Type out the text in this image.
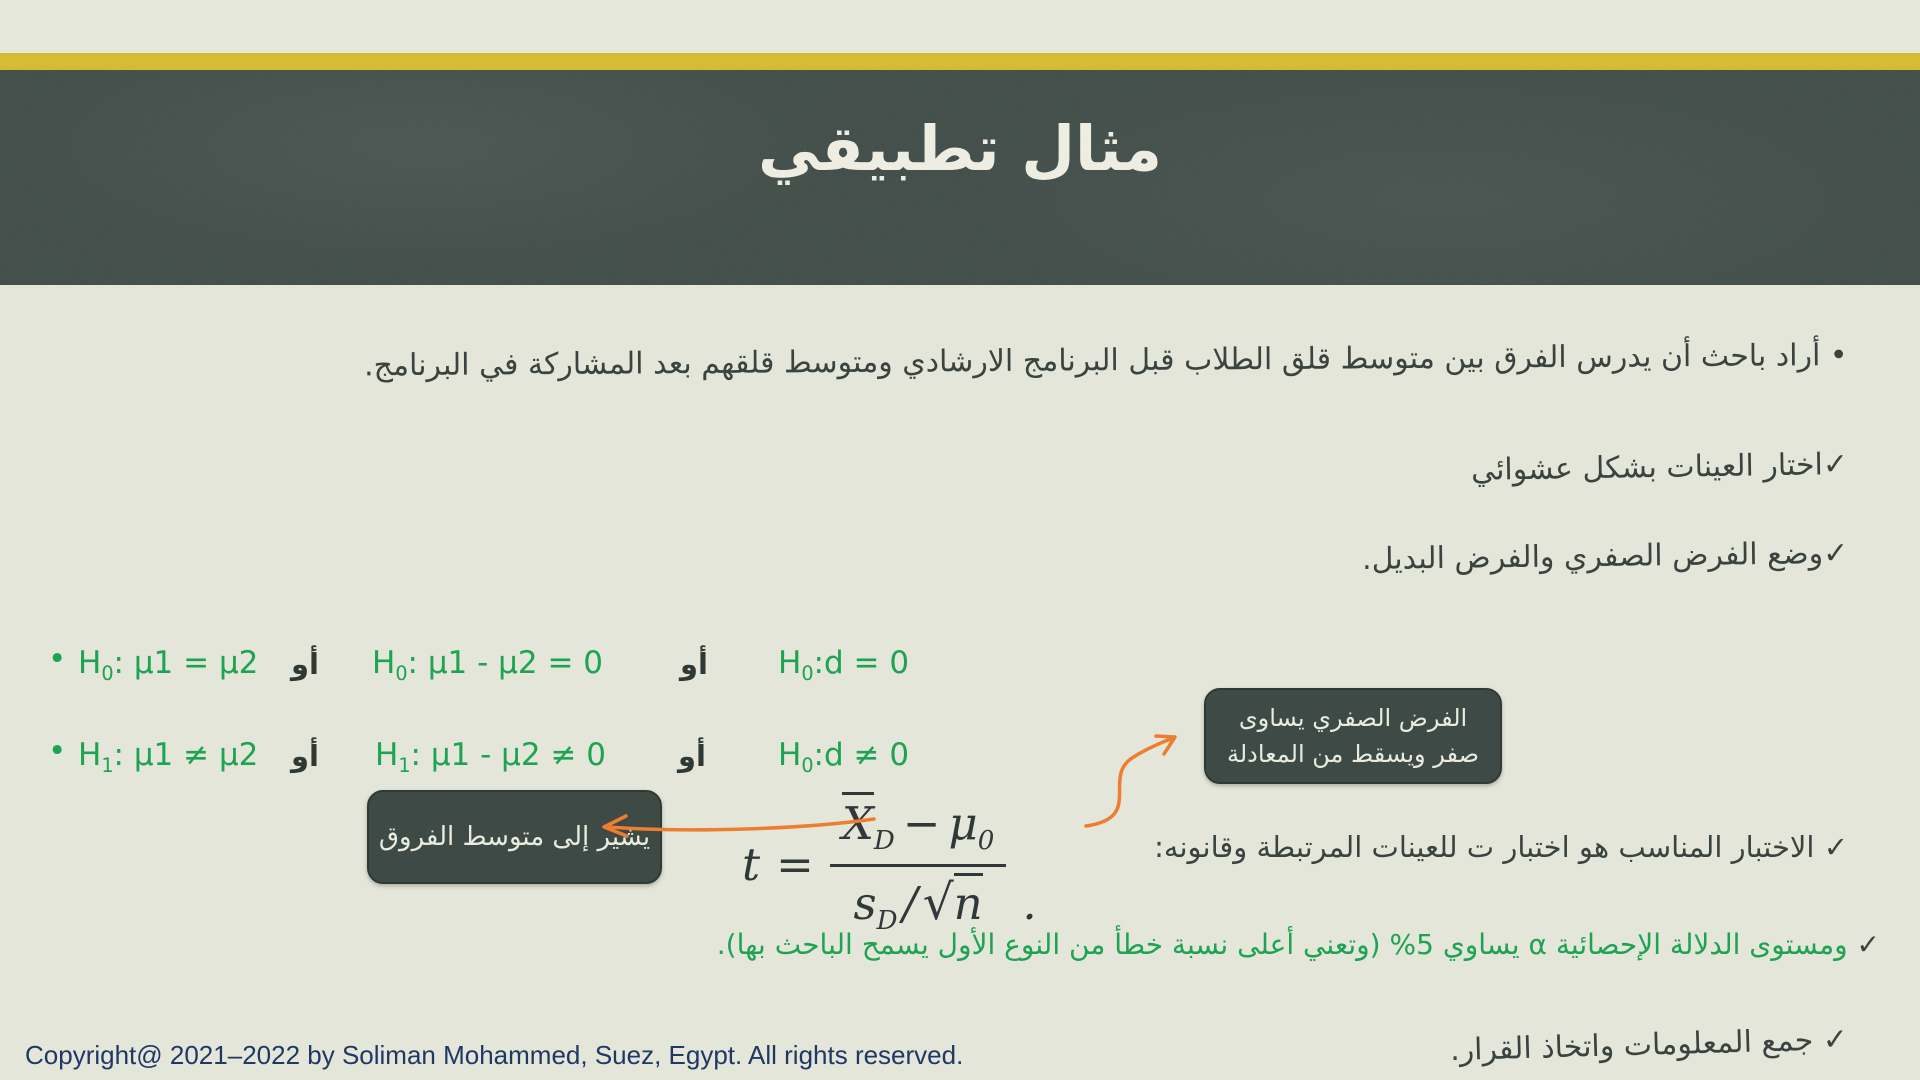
مثال تطبيقي
• أراد باحث أن يدرس الفرق بين متوسط قلق الطلاب قبل البرنامج الارشادي ومتوسط قلقهم بعد المشاركة في البرنامج.
✓اختار العينات بشكل عشوائي
✓وضع الفرض الصفري والفرض البديل.
• $H_0$: μ1 = μ2 أو $H_0$: μ1 - μ2 = 0	أو $H_0:d = 0$
• $H_1$: μ1 ≠ μ2 أو $H_1$: μ1 - μ2 ≠ 0 أو $H_0:d \ne 0$
الفرض الصفري يساوى
صفر ويسقط من المعادلة
يشير إلى متوسط الفروق
$t = \frac{X_D - \mu_0}{s_D / √ n}$ .
✓ الاختبار المناسب هو اختبار ت للعينات المرتبطة وقانونه:
✓ ومستوى الدلالة الإحصائية α يساوي 5% (وتعني أعلى نسبة خطأ من النوع الأول يسمح الباحث بها).
✓ جمع المعلومات واتخاذ القرار.
Copyright@ 2021–2022 by Soliman Mohammed, Suez, Egypt. All rights reserved.
